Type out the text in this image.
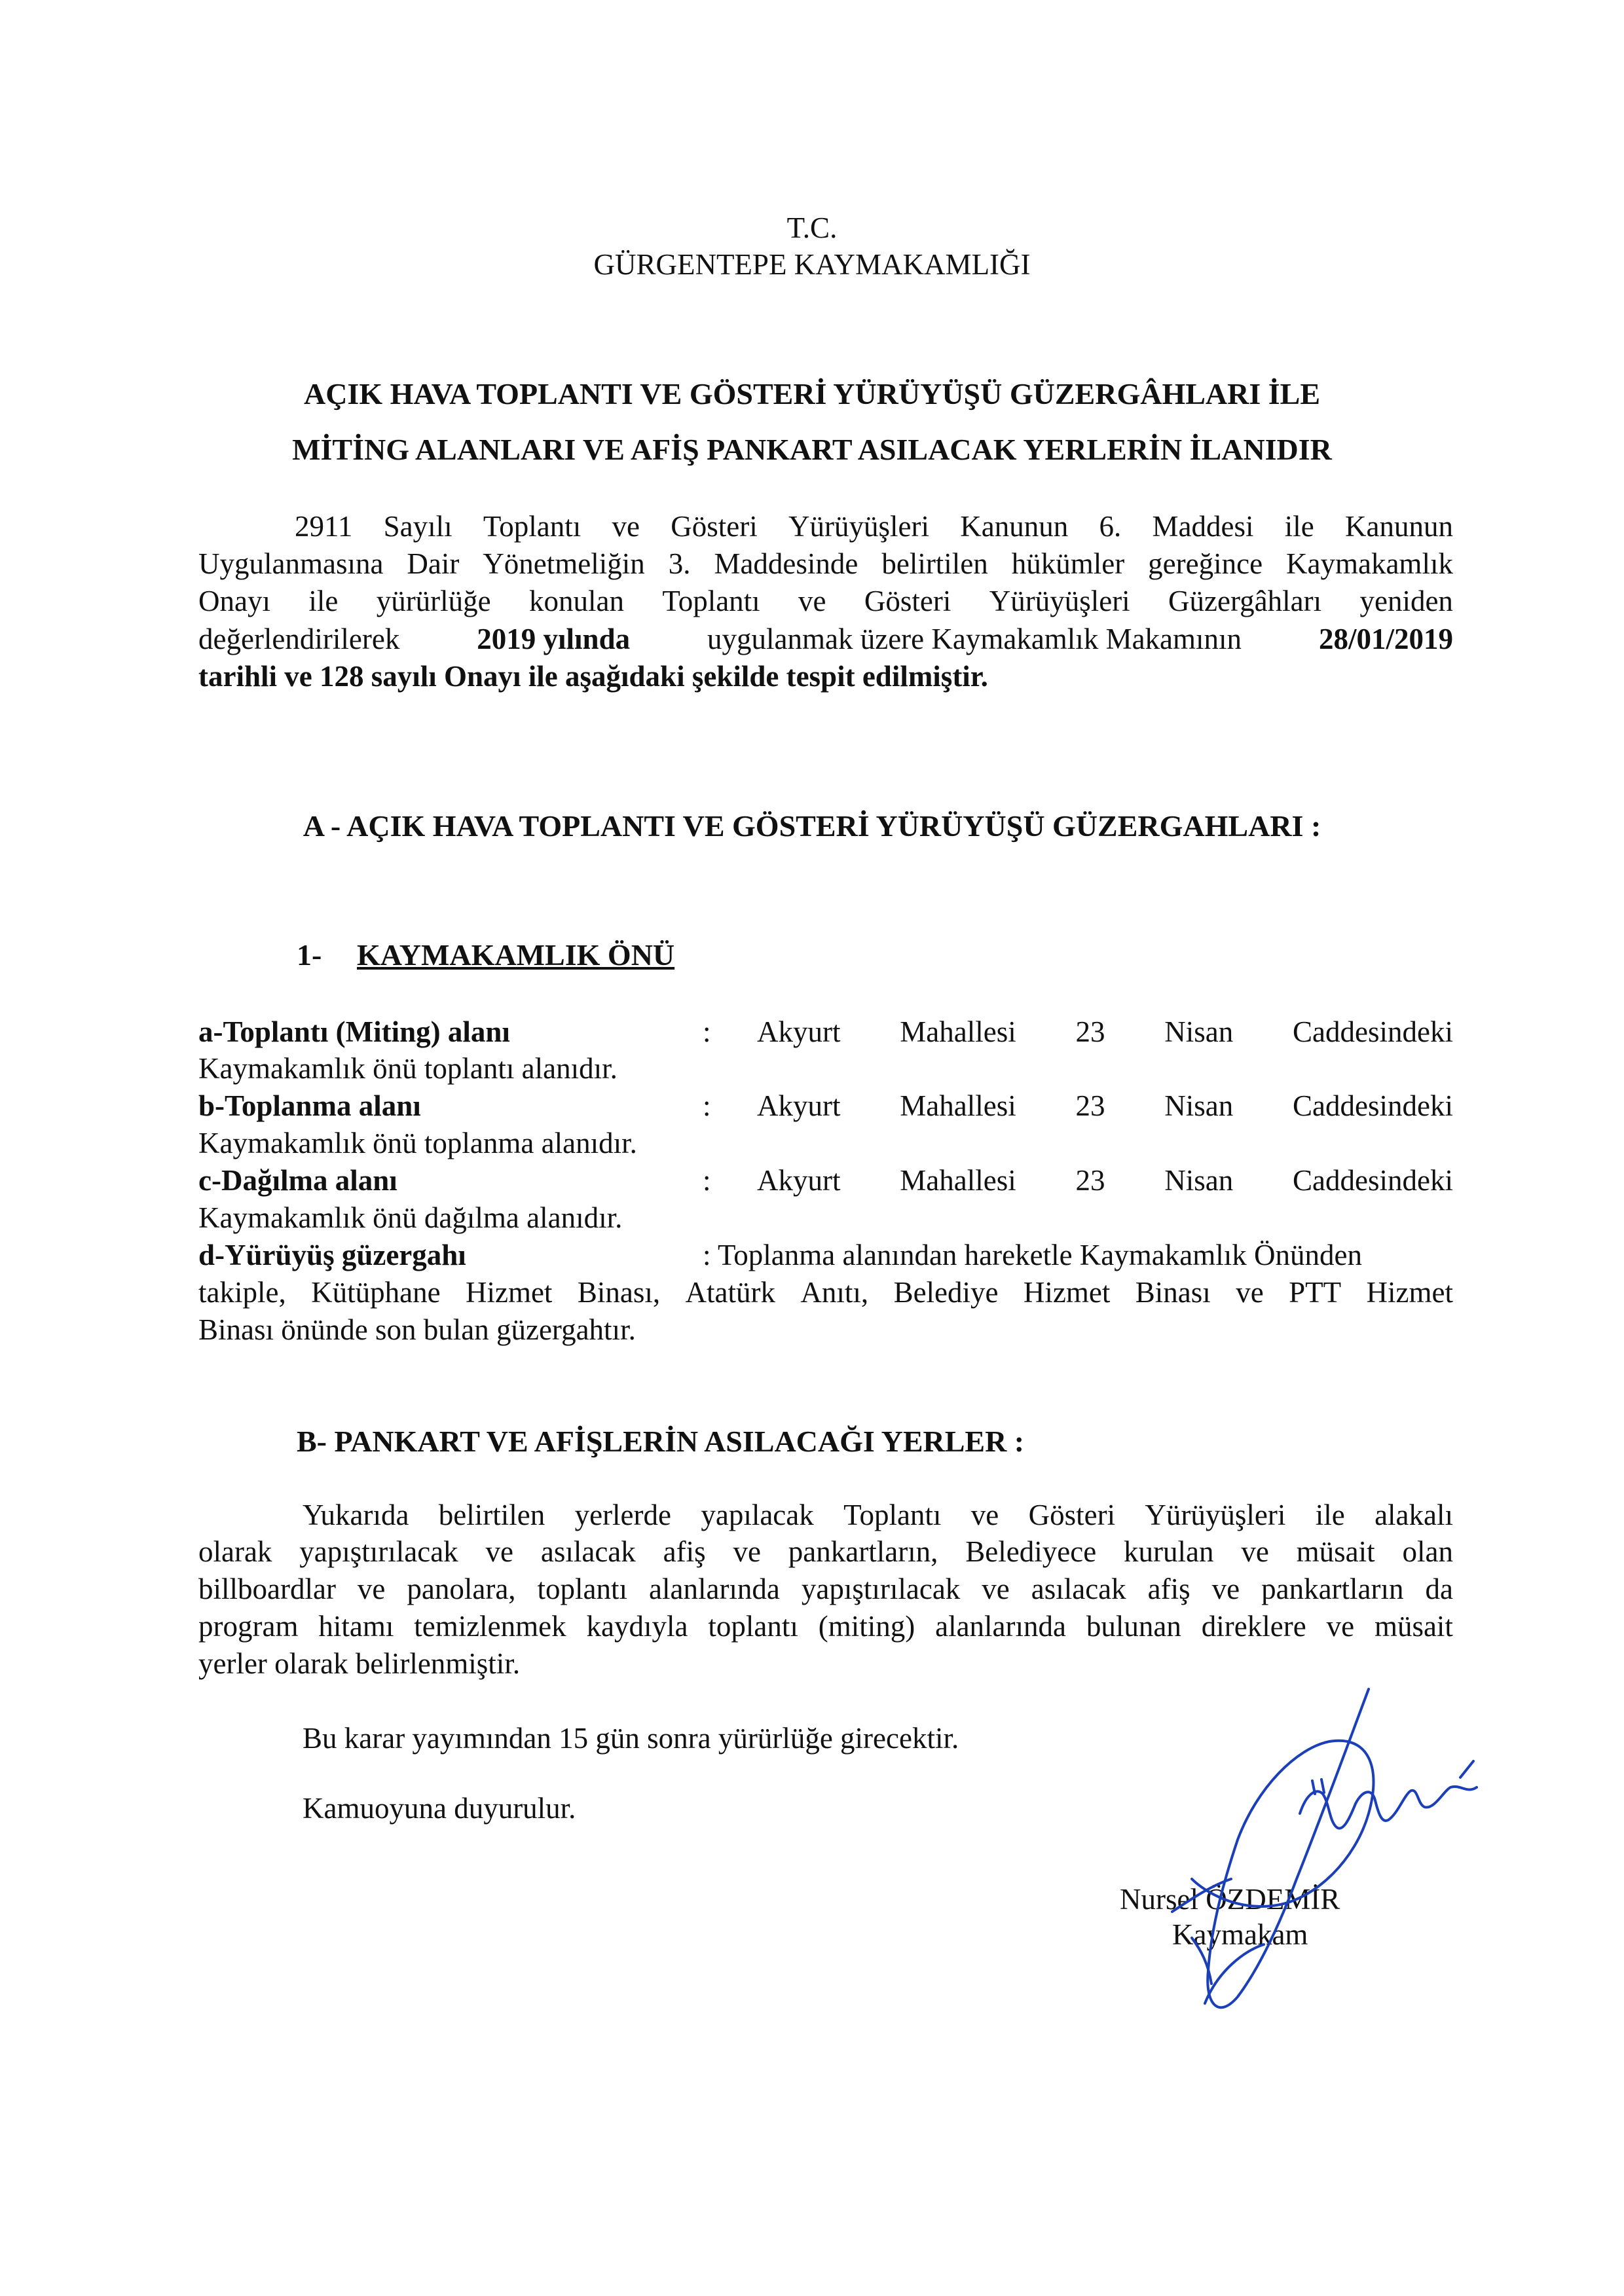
T.C.
GÜRGENTEPE KAYMAKAMLIĞI
AÇIK HAVA TOPLANTI VE GÖSTERİ YÜRÜYÜŞÜ GÜZERGÂHLARI İLE
MİTİNG ALANLARI VE AFİŞ PANKART ASILACAK YERLERİN İLANIDIR
2911 Sayılı Toplantı ve Gösteri Yürüyüşleri Kanunun 6. Maddesi ile Kanunun
Uygulanmasına Dair Yönetmeliğin 3. Maddesinde belirtilen hükümler gereğince Kaymakamlık
Onayı ile yürürlüğe konulan Toplantı ve Gösteri Yürüyüşleri Güzergâhları yeniden
değerlendirilerek	2019 yılında	uygulanmak üzere Kaymakamlık Makamının	28/01/2019
tarihli ve 128 sayılı Onayı ile aşağıdaki şekilde tespit edilmiştir.
A - AÇIK HAVA TOPLANTI VE GÖSTERİ YÜRÜYÜŞÜ GÜZERGAHLARI :
1- KAYMAKAMLIK ÖNÜ
a-Toplantı (Miting) alanı	: Akyurt Mahallesi 23 Nisan Caddesindeki
Kaymakamlık önü toplantı alanıdır.
b-Toplanma alanı	: Akyurt Mahallesi 23 Nisan Caddesindeki
Kaymakamlık önü toplanma alanıdır.
c-Dağılma alanı	: Akyurt Mahallesi 23 Nisan Caddesindeki
Kaymakamlık önü dağılma alanıdır.
d-Yürüyüş güzergahı	: Toplanma alanından hareketle Kaymakamlık Önünden
takiple, Kütüphane Hizmet Binası, Atatürk Anıtı, Belediye Hizmet Binası ve PTT Hizmet
Binası önünde son bulan güzergahtır.
B- PANKART VE AFİŞLERİN ASILACAĞI YERLER :
Yukarıda belirtilen yerlerde yapılacak Toplantı ve Gösteri Yürüyüşleri ile alakalı
olarak yapıştırılacak ve asılacak afiş ve pankartların, Belediyece kurulan ve müsait olan
billboardlar ve panolara, toplantı alanlarında yapıştırılacak ve asılacak afiş ve pankartların da
program hitamı temizlenmek kaydıyla toplantı (miting) alanlarında bulunan direklere ve müsait
yerler olarak belirlenmiştir.
Bu karar yayımından 15 gün sonra yürürlüğe girecektir.
Kamuoyuna duyurulur.
Nursel ÖZDEMİR
Kaymakam
